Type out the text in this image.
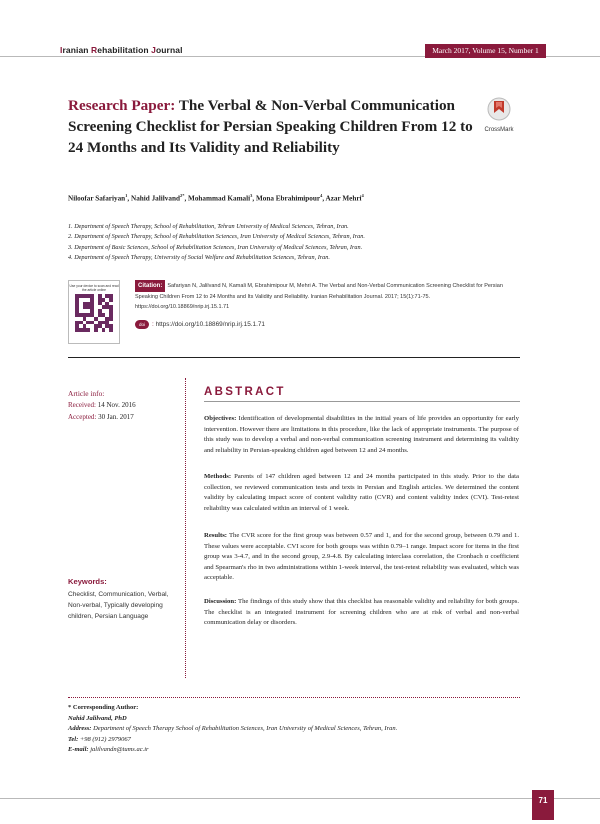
Iranian Rehabilitation Journal	March 2017, Volume 15, Number 1
Research Paper: The Verbal & Non-Verbal Communication Screening Checklist for Persian Speaking Children From 12 to 24 Months and Its Validity and Reliability
CrossMark
Niloofar Safariyan$^1$, Nahid Jalilvand$^{2*}$, Mohammad Kamali$^3$, Mona Ebrahimipour$^4$, Azar Mehri$^4$
1. Department of Speech Therapy, School of Rehabilitation, Tehran University of Medical Sciences, Tehran, Iran.
2. Department of Speech Therapy, School of Rehabilitation Sciences, Iran University of Medical Sciences, Tehran, Iran.
3. Department of Basic Sciences, School of Rehabilitation Sciences, Iran University of Medical Sciences, Tehran, Iran.
4. Department of Speech Therapy, University of Social Welfare and Rehabilitation Sciences, Tehran, Iran.
Use your device to scan and read the article online
Citation: Safariyan N, Jalilvand N, Kamali M, Ebrahimipour M, Mehri A. The Verbal and Non-Verbal Communication Screening Checklist for Persian Speaking Children From 12 to 24 Months and Its Validity and Reliability. Iranian Rehabilitation Journal. 2017; 15(1):71-75. https://doi.org/10.18869/nrip.irj.15.1.71
doi : https://doi.org/10.18869/nrip.irj.15.1.71
Article info:
Received: 14 Nov. 2016
Accepted: 30 Jan. 2017
Keywords:
Checklist, Communication, Verbal, Non-verbal, Typically developing children, Persian Language
ABSTRACT
Objectives: Identification of developmental disabilities in the initial years of life provides an opportunity for early intervention. However there are limitations in this procedure, like the lack of appropriate instruments. The purpose of this study was to develop a verbal and non-verbal communication screening instrument and determining its validity and reliability in Persian-speaking children aged between 12 and 24 months.
Methods: Parents of 147 children aged between 12 and 24 months participated in this study. Prior to the data collection, we reviewed communication tests and texts in Persian and English articles. We determined the content validity by calculating impact score of content validity ratio (CVR) and content validity index (CVI). Test-retest reliability was calculated within an interval of 1 week.
Results: The CVR score for the first group was between 0.57 and 1, and for the second group, between 0.79 and 1. These values were acceptable. CVI score for both groups was within 0.79–1 range. Impact score for items in the first group was 3-4.7, and in the second group, 2.9-4.8. By calculating interclass correlation, the Cronbach α coefficient and Spearman's rho in two administrations within 1-week interval, the test-retest reliability was evaluated, which was acceptable.
Discussion: The findings of this study show that this checklist has reasonable validity and reliability for both groups. The checklist is an integrated instrument for screening children who are at risk of verbal and non-verbal communication delay or disorders.
* Corresponding Author:
Nahid Jalilvand, PhD
Address: Department of Speech Therapy School of Rehabilitation Sciences, Iran University of Medical Sciences, Tehran, Iran.
Tel: +98 (912) 2979067
E-mail: jalilvandn@tums.ac.ir
71
